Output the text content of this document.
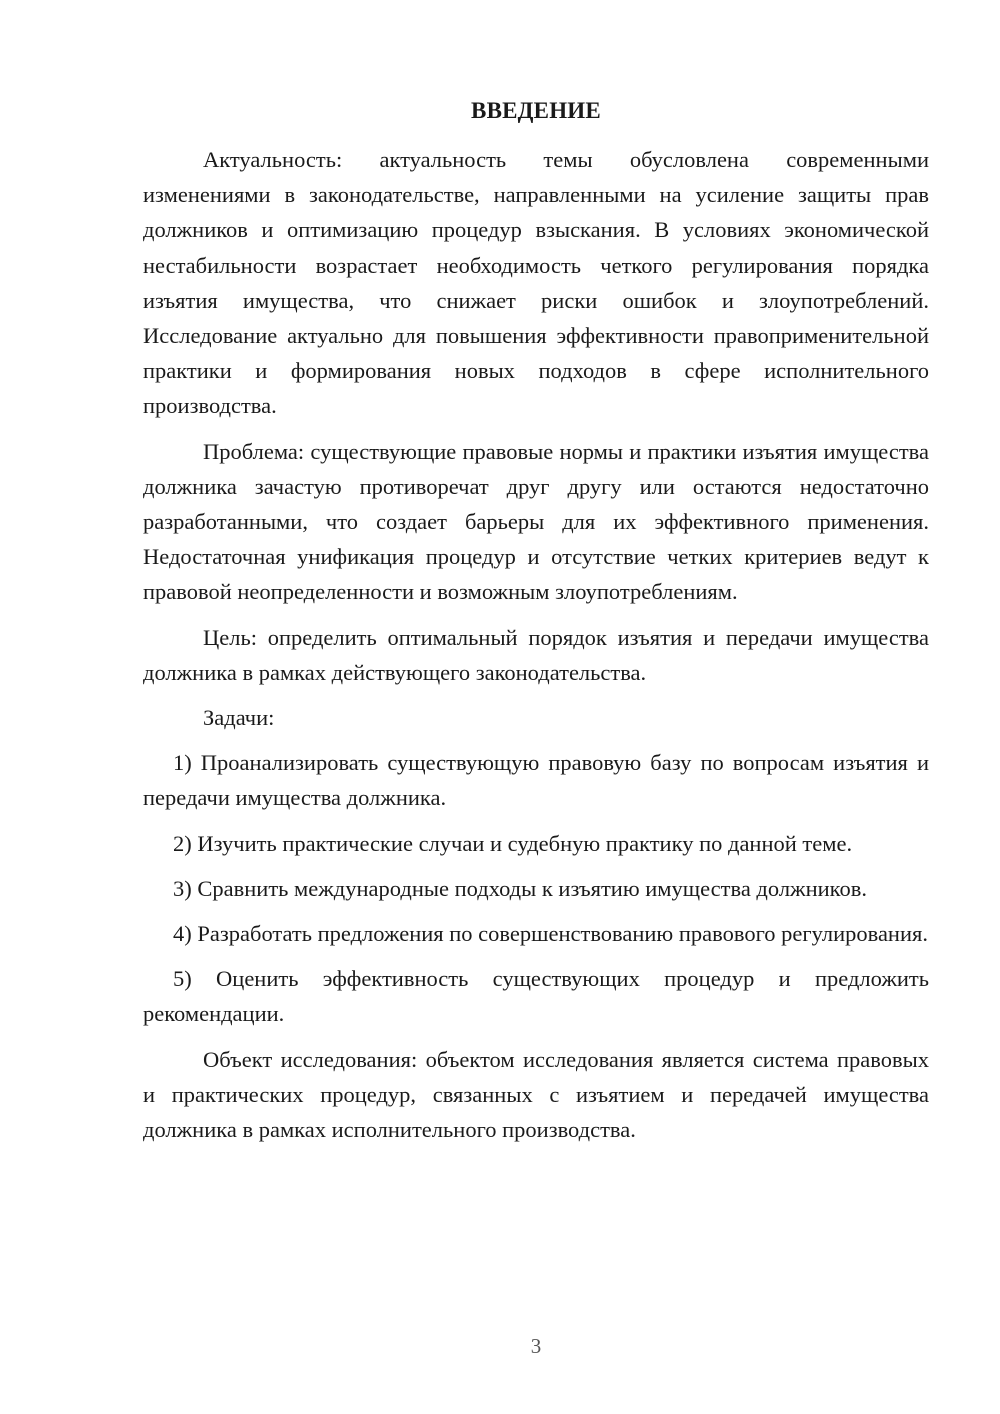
ВВЕДЕНИЕ

Актуальность: актуальность темы обусловлена современными изменениями в законодательстве, направленными на усиление защиты прав должников и оптимизацию процедур взыскания. В условиях экономической нестабильности возрастает необходимость четкого регулирования порядка изъятия имущества, что снижает риски ошибок и злоупотреблений. Исследование актуально для повышения эффективности правоприменительной практики и формирования новых подходов в сфере исполнительного производства.

Проблема: существующие правовые нормы и практики изъятия имущества должника зачастую противоречат друг другу или остаются недостаточно разработанными, что создает барьеры для их эффективного применения. Недостаточная унификация процедур и отсутствие четких критериев ведут к правовой неопределенности и возможным злоупотреблениям.

Цель: определить оптимальный порядок изъятия и передачи имущества должника в рамках действующего законодательства.

Задачи:

1) Проанализировать существующую правовую базу по вопросам изъятия и передачи имущества должника.

2) Изучить практические случаи и судебную практику по данной теме.

3) Сравнить международные подходы к изъятию имущества должников.

4) Разработать предложения по совершенствованию правового регулирования.

5) Оценить эффективность существующих процедур и предложить рекомендации.

Объект исследования: объектом исследования является система правовых и практических процедур, связанных с изъятием и передачей имущества должника в рамках исполнительного производства.

3
